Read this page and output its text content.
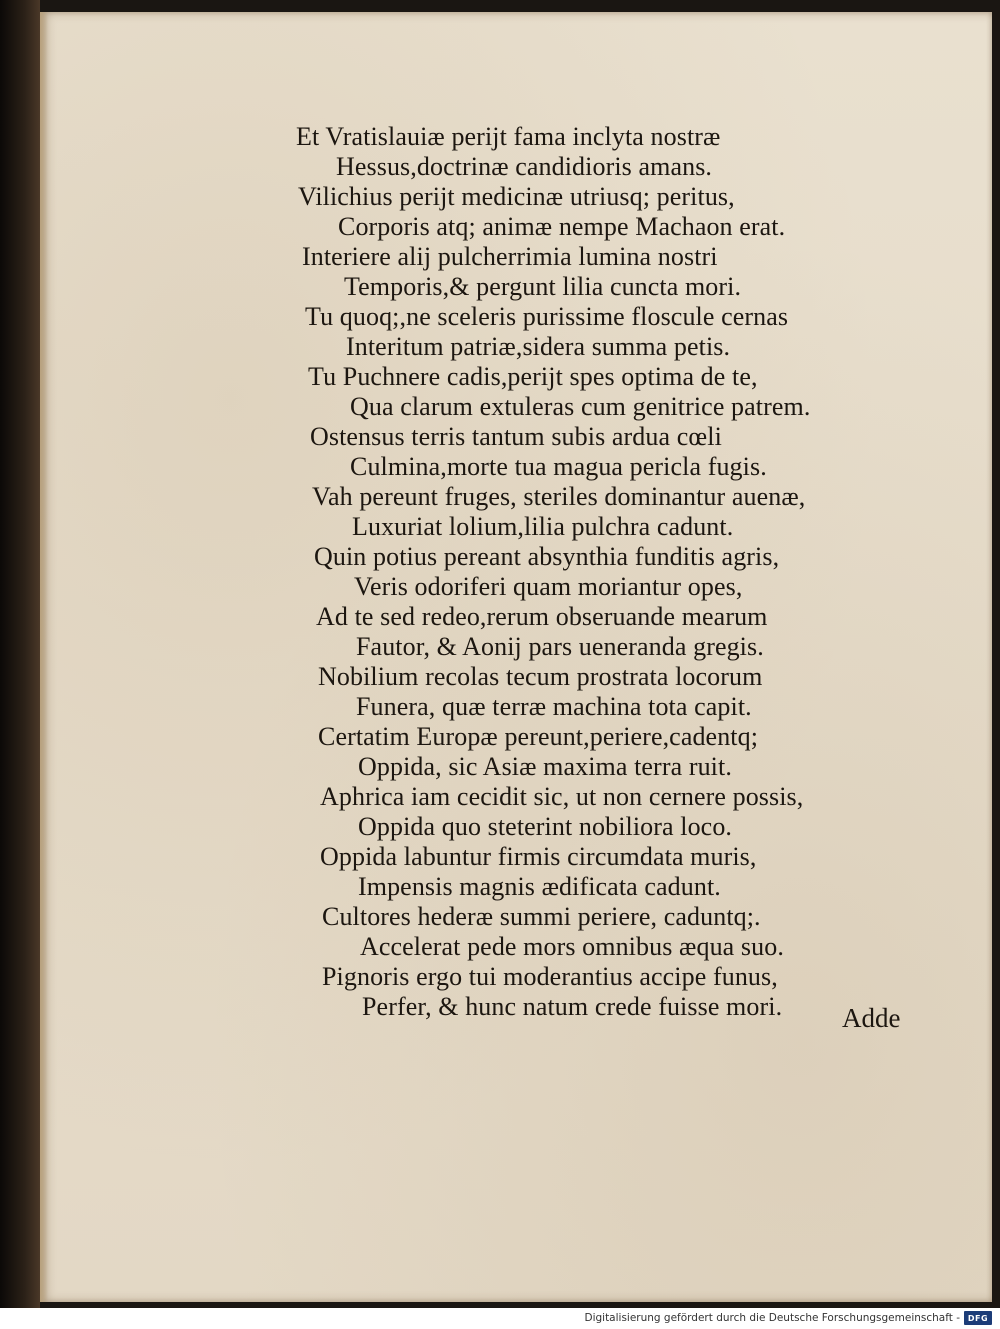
Et Vratislauiæ perijt fama inclyta nostræ
Hessus,doctrinæ candidioris amans.
Vilichius perijt medicinæ utriusq; peritus,
Corporis atq; animæ nempe Machaon erat.
Interiere alij pulcherrimia lumina nostri
Temporis,& pergunt lilia cuncta mori.
Tu quoq;,ne sceleris purissime flosculе cernas
Interitum patriæ,sidera summa petis.
Tu Puchnere cadis,perijt spes optima de te,
Qua clarum extuleras cum genitrice patrem.
Ostensus terris tantum subis ardua cœli
Culmina,morte tua magua pericla fugis.
Vah pereunt fruges, steriles dominantur auenæ,
Luxuriat lolium,lilia pulchra cadunt.
Quin potius pereant absynthia funditis agris,
Veris odoriferi quam moriantur opes,
Ad te sed redeo,rerum obseruande mearum
Fautor, & Aonij pars ueneranda gregis.
Nobilium recolas tecum prostrata locorum
Funera, quæ terræ machina tota capit.
Certatim Europæ pereunt,periere,cadentq;
Oppida, sic Asiæ maxima terra ruit.
Aphrica iam cecidit sic, ut non cernere possis,
Oppida quo steterint nobiliora loco.
Oppida labuntur firmis circumdata muris,
Impensis magnis ædificata cadunt.
Cultores hederæ summi periere, caduntq;.
Accelerat pede mors omnibus æqua suo.
Pignoris ergo tui moderantius accipe funus,
Perfer, & hunc natum crede fuisse mori. Adde
Digitalisierung gefördert durch die Deutsche Forschungsgemeinschaft - DFG
